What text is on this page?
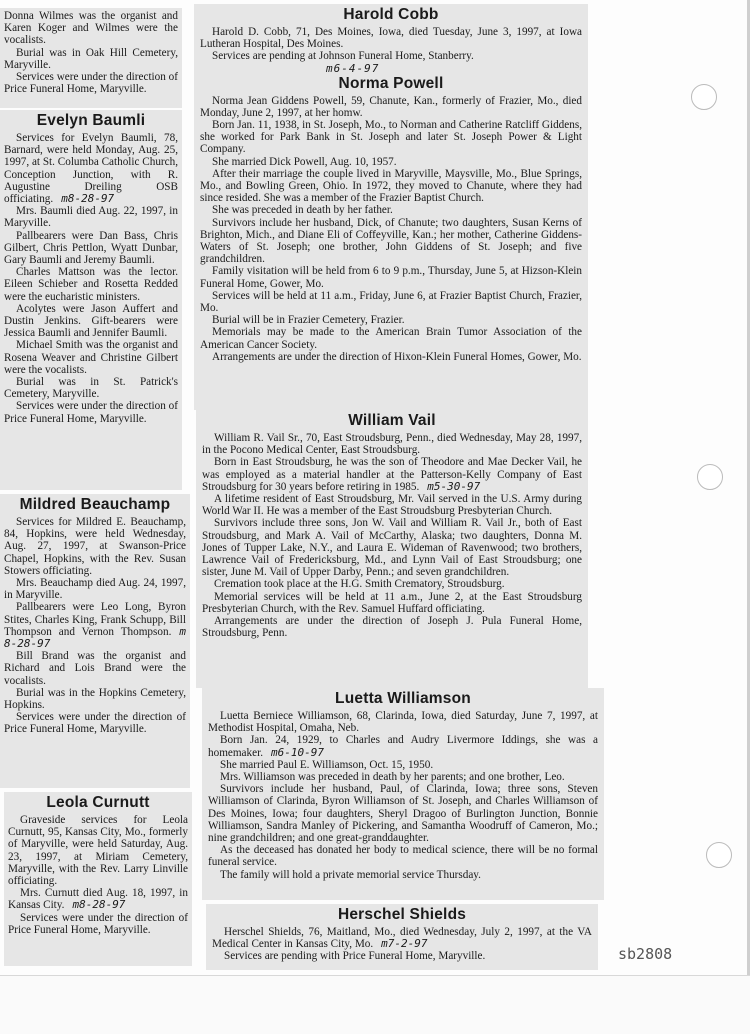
Donna Wilmes was the organist and Karen Koger and Wilmes were the vocalists.

Burial was in Oak Hill Cemetery, Maryville.

Services were under the direction of Price Funeral Home, Maryville.

Evelyn Baumli

Services for Evelyn Baumli, 78, Barnard, were held Monday, Aug. 25, 1997, at St. Columba Catholic Church, Conception Junction, with R. Augustine Dreiling OSB officiating. m8-28-97

Mrs. Baumli died Aug. 22, 1997, in Maryville.

Pallbearers were Dan Bass, Chris Gilbert, Chris Pettlon, Wyatt Dunbar, Gary Baumli and Jeremy Baumli.

Charles Mattson was the lector. Eileen Schieber and Rosetta Redded were the eucharistic ministers.

Acolytes were Jason Auffert and Dustin Jenkins. Gift-bearers were Jessica Baumli and Jennifer Baumli.

Michael Smith was the organist and Rosena Weaver and Christine Gilbert were the vocalists.

Burial was in St. Patrick's Cemetery, Maryville.

Services were under the direction of Price Funeral Home, Maryville.

Mildred Beauchamp

Services for Mildred E. Beauchamp, 84, Hopkins, were held Wednesday, Aug. 27, 1997, at Swanson-Price Chapel, Hopkins, with the Rev. Susan Stowers officiating.

Mrs. Beauchamp died Aug. 24, 1997, in Maryville.

Pallbearers were Leo Long, Byron Stites, Charles King, Frank Schupp, Bill Thompson and Vernon Thompson. m 8-28-97

Bill Brand was the organist and Richard and Lois Brand were the vocalists.

Burial was in the Hopkins Cemetery, Hopkins.

Services were under the direction of Price Funeral Home, Maryville.

Leola Curnutt

Graveside services for Leola Curnutt, 95, Kansas City, Mo., formerly of Maryville, were held Saturday, Aug. 23, 1997, at Miriam Cemetery, Maryville, with the Rev. Larry Linville officiating.

Mrs. Curnutt died Aug. 18, 1997, in Kansas City. m8-28-97

Services were under the direction of Price Funeral Home, Maryville.

Harold Cobb

Harold D. Cobb, 71, Des Moines, Iowa, died Tuesday, June 3, 1997, at Iowa Lutheran Hospital, Des Moines.

Services are pending at Johnson Funeral Home, Stanberry.

m6-4-97
Norma Powell

Norma Jean Giddens Powell, 59, Chanute, Kan., formerly of Frazier, Mo., died Monday, June 2, 1997, at her homw.

Born Jan. 11, 1938, in St. Joseph, Mo., to Norman and Catherine Ratcliff Giddens, she worked for Park Bank in St. Joseph and later St. Joseph Power & Light Company.

She married Dick Powell, Aug. 10, 1957.

After their marriage the couple lived in Maryville, Maysville, Mo., Blue Springs, Mo., and Bowling Green, Ohio. In 1972, they moved to Chanute, where they had since resided. She was a member of the Frazier Baptist Church.

She was preceded in death by her father.

Survivors include her husband, Dick, of Chanute; two daughters, Susan Kerns of Brighton, Mich., and Diane Eli of Coffeyville, Kan.; her mother, Catherine Giddens-Waters of St. Joseph; one brother, John Giddens of St. Joseph; and five grandchildren.

Family visitation will be held from 6 to 9 p.m., Thursday, June 5, at Hizson-Klein Funeral Home, Gower, Mo.

Services will be held at 11 a.m., Friday, June 6, at Frazier Baptist Church, Frazier, Mo.

Burial will be in Frazier Cemetery, Frazier.

Memorials may be made to the American Brain Tumor Association of the American Cancer Society.

Arrangements are under the direction of Hixon-Klein Funeral Homes, Gower, Mo.

William Vail

William R. Vail Sr., 70, East Stroudsburg, Penn., died Wednesday, May 28, 1997, in the Pocono Medical Center, East Stroudsburg.

Born in East Stroudsburg, he was the son of Theodore and Mae Decker Vail, he was employed as a material handler at the Patterson-Kelly Company of East Stroudsburg for 30 years before retiring in 1985. m5-30-97

A lifetime resident of East Stroudsburg, Mr. Vail served in the U.S. Army during World War II. He was a member of the East Stroudsburg Presbyterian Church.

Survivors include three sons, Jon W. Vail and William R. Vail Jr., both of East Stroudsburg, and Mark A. Vail of McCarthy, Alaska; two daughters, Donna M. Jones of Tupper Lake, N.Y., and Laura E. Wideman of Ravenwood; two brothers, Lawrence Vail of Fredericksburg, Md., and Lynn Vail of East Stroudsburg; one sister, June M. Vail of Upper Darby, Penn.; and seven grandchildren.

Cremation took place at the H.G. Smith Crematory, Stroudsburg.

Memorial services will be held at 11 a.m., June 2, at the East Stroudsburg Presbyterian Church, with the Rev. Samuel Huffard officiating.

Arrangements are under the direction of Joseph J. Pula Funeral Home, Stroudsburg, Penn.

Luetta Williamson

Luetta Berniece Williamson, 68, Clarinda, Iowa, died Saturday, June 7, 1997, at Methodist Hospital, Omaha, Neb.

Born Jan. 24, 1929, to Charles and Audry Livermore Iddings, she was a homemaker. m6-10-97

She married Paul E. Williamson, Oct. 15, 1950.

Mrs. Williamson was preceded in death by her parents; and one brother, Leo.

Survivors include her husband, Paul, of Clarinda, Iowa; three sons, Steven Williamson of Clarinda, Byron Williamson of St. Joseph, and Charles Williamson of Des Moines, Iowa; four daughters, Sheryl Dragoo of Burlington Junction, Bonnie Williamson, Sandra Manley of Pickering, and Samantha Woodruff of Cameron, Mo.; nine grandchildren; and one great-granddaughter.

As the deceased has donated her body to medical science, there will be no formal funeral service.

The family will hold a private memorial service Thursday.

Herschel Shields

Herschel Shields, 76, Maitland, Mo., died Wednesday, July 2, 1997, at the VA Medical Center in Kansas City, Mo. m7-2-97

Services are pending with Price Funeral Home, Maryville.	sb2808
